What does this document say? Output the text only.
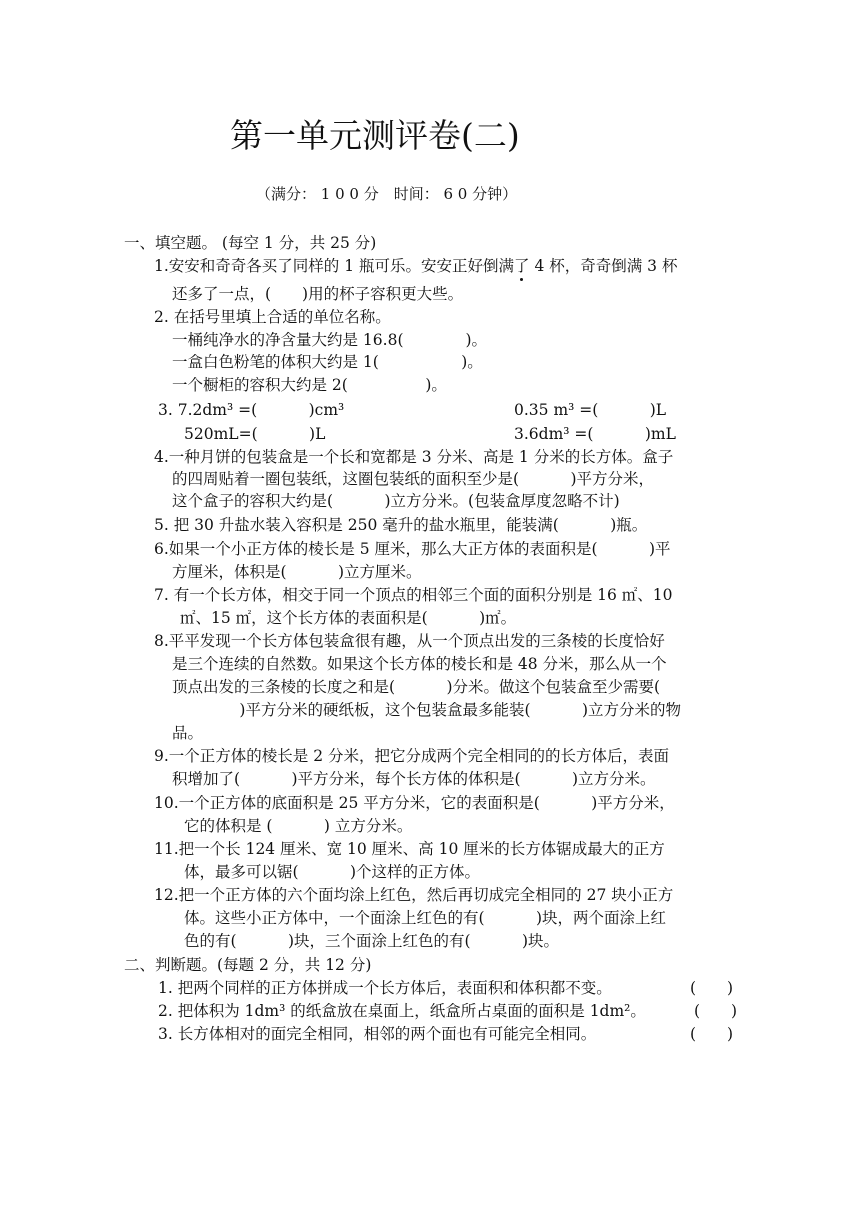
第一单元测评卷(二)
（满分： 1 0 0 分　时间： 6 0 分钟）
一、填空题。 (每空 1 分，共 25 分)
1.安安和奇奇各买了同样的 1 瓶可乐。安安正好倒满了 4 杯，奇奇倒满 3 杯
还多了一点，(　　)用的杯子容积更大些。
2. 在括号里填上合适的单位名称。
一桶纯净水的净含量大约是 16.8(　　　　)。
一盒白色粉笔的体积大约是 1(　　　　　 )。
一个橱柜的容积大约是 2(　　　　　)。
3. 7.2dm³ =(　　　 )cm³	0.35 m³ =(　　　 )L
520mL=(　　　 )L	3.6dm³ =(　　　 )mL
4.一种月饼的包装盒是一个长和宽都是 3 分米、高是 1 分米的长方体。盒子
的四周贴着一圈包装纸，这圈包装纸的面积至少是(　　　 )平方分米，
这个盒子的容积大约是(　　　 )立方分米。(包装盒厚度忽略不计)
5. 把 30 升盐水装入容积是 250 毫升的盐水瓶里，能装满(　　　 )瓶。
6.如果一个小正方体的棱长是 5 厘米，那么大正方体的表面积是(　　　 )平
方厘米，体积是(　　　 )立方厘米。
7. 有一个长方体，相交于同一个顶点的相邻三个面的面积分别是 16 ㎡、10
㎡、15 ㎡，这个长方体的表面积是(　　　 )㎡。
8.平平发现一个长方体包装盒很有趣，从一个顶点出发的三条棱的长度恰好
是三个连续的自然数。如果这个长方体的棱长和是 48 分米，那么从一个
顶点出发的三条棱的长度之和是(　　　 )分米。做这个包装盒至少需要(
　　　 )平方分米的硬纸板，这个包装盒最多能装(　　　 )立方分米的物
品。
9.一个正方体的棱长是 2 分米，把它分成两个完全相同的的长方体后，表面
积增加了(　　　 )平方分米，每个长方体的体积是(　　　 )立方分米。
10.一个正方体的底面积是 25 平方分米，它的表面积是(　　　 )平方分米，
它的体积是 (　　　 ) 立方分米。
11.把一个长 124 厘米、宽 10 厘米、高 10 厘米的长方体锯成最大的正方
体，最多可以锯(　　　 )个这样的正方体。
12.把一个正方体的六个面均涂上红色，然后再切成完全相同的 27 块小正方
体。这些小正方体中，一个面涂上红色的有(　　　 )块，两个面涂上红
色的有(　　　 )块，三个面涂上红色的有(　　　 )块。
二、判断题。(每题 2 分，共 12 分)
1. 把两个同样的正方体拼成一个长方体后，表面积和体积都不变。	(　　)
2. 把体积为 1dm³ 的纸盒放在桌面上，纸盒所占桌面的面积是 1dm²。	(　　)
3. 长方体相对的面完全相同，相邻的两个面也有可能完全相同。	(　　)
